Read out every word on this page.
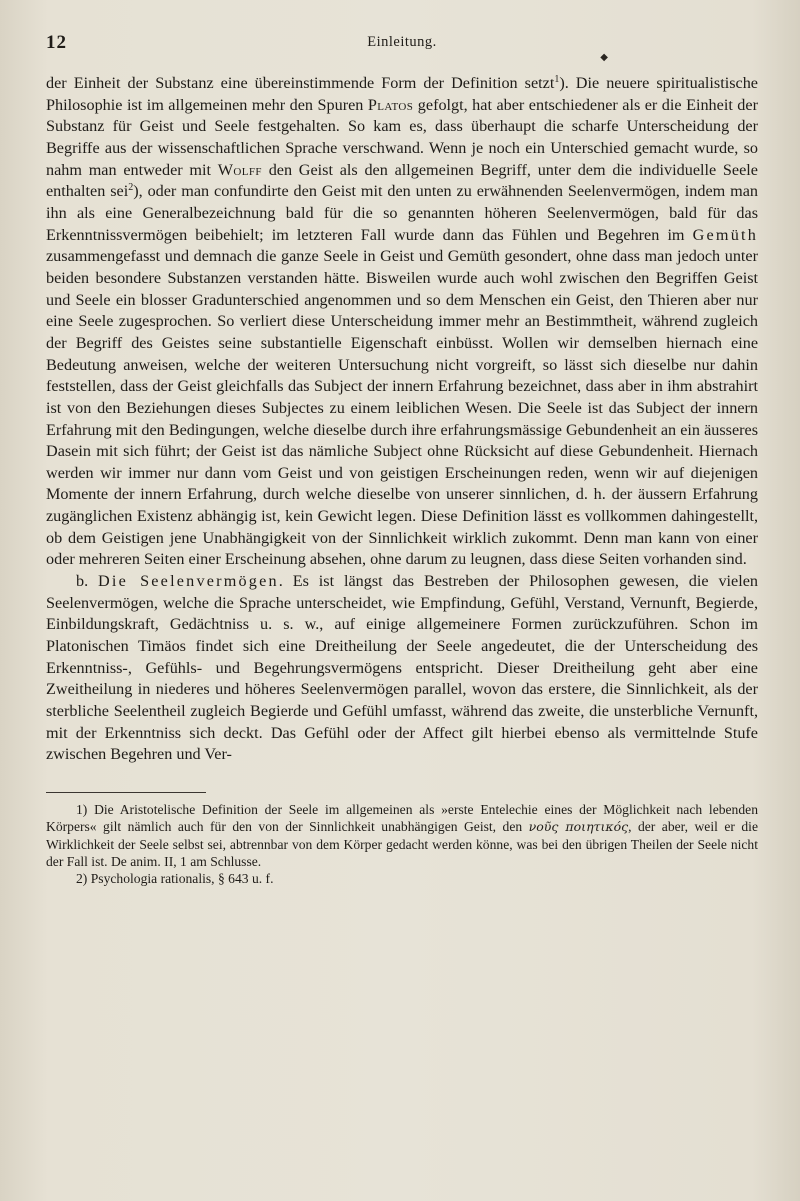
12	Einleitung.
◆

der Einheit der Substanz eine übereinstimmende Form der Definition setzt$^1$). Die neuere spiritualistische Philosophie ist im allgemeinen mehr den Spuren Platos gefolgt, hat aber entschiedener als er die Einheit der Substanz für Geist und Seele festgehalten. So kam es, dass überhaupt die scharfe Unterscheidung der Begriffe aus der wissenschaftlichen Sprache verschwand. Wenn je noch ein Unterschied gemacht wurde, so nahm man entweder mit Wolff den Geist als den allgemeinen Begriff, unter dem die individuelle Seele enthalten sei$^2$), oder man confundirte den Geist mit den unten zu erwähnenden Seelenvermögen, indem man ihn als eine Generalbezeichnung bald für die so genannten höheren Seelenvermögen, bald für das Erkenntnissvermögen beibehielt; im letzteren Fall wurde dann das Fühlen und Begehren im Gemüth zusammengefasst und demnach die ganze Seele in Geist und Gemüth gesondert, ohne dass man jedoch unter beiden besondere Substanzen verstanden hätte. Bisweilen wurde auch wohl zwischen den Begriffen Geist und Seele ein blosser Gradunterschied angenommen und so dem Menschen ein Geist, den Thieren aber nur eine Seele zugesprochen. So verliert diese Unterscheidung immer mehr an Bestimmtheit, während zugleich der Begriff des Geistes seine substantielle Eigenschaft einbüsst. Wollen wir demselben hiernach eine Bedeutung anweisen, welche der weiteren Untersuchung nicht vorgreift, so lässt sich dieselbe nur dahin feststellen, dass der Geist gleichfalls das Subject der innern Erfahrung bezeichnet, dass aber in ihm abstrahirt ist von den Beziehungen dieses Subjectes zu einem leiblichen Wesen. Die Seele ist das Subject der innern Erfahrung mit den Bedingungen, welche dieselbe durch ihre erfahrungsmässige Gebundenheit an ein äusseres Dasein mit sich führt; der Geist ist das nämliche Subject ohne Rücksicht auf diese Gebundenheit. Hiernach werden wir immer nur dann vom Geist und von geistigen Erscheinungen reden, wenn wir auf diejenigen Momente der innern Erfahrung, durch welche dieselbe von unserer sinnlichen, d. h. der äussern Erfahrung zugänglichen Existenz abhängig ist, kein Gewicht legen. Diese Definition lässt es vollkommen dahingestellt, ob dem Geistigen jene Unabhängigkeit von der Sinnlichkeit wirklich zukommt. Denn man kann von einer oder mehreren Seiten einer Erscheinung absehen, ohne darum zu leugnen, dass diese Seiten vorhanden sind.

b. Die Seelenvermögen. Es ist längst das Bestreben der Philosophen gewesen, die vielen Seelenvermögen, welche die Sprache unterscheidet, wie Empfindung, Gefühl, Verstand, Vernunft, Begierde, Einbildungskraft, Gedächtniss u. s. w., auf einige allgemeinere Formen zurückzuführen. Schon im Platonischen Timäos findet sich eine Dreitheilung der Seele angedeutet, die der Unterscheidung des Erkenntniss-, Gefühls- und Begehrungsvermögens entspricht. Dieser Dreitheilung geht aber eine Zweitheilung in niederes und höheres Seelenvermögen parallel, wovon das erstere, die Sinnlichkeit, als der sterbliche Seelentheil zugleich Begierde und Gefühl umfasst, während das zweite, die unsterbliche Vernunft, mit der Erkenntniss sich deckt. Das Gefühl oder der Affect gilt hierbei ebenso als vermittelnde Stufe zwischen Begehren und Ver-

1) Die Aristotelische Definition der Seele im allgemeinen als »erste Entelechie eines der Möglichkeit nach lebenden Körpers« gilt nämlich auch für den von der Sinnlichkeit unabhängigen Geist, den νοῦς ποιητικός, der aber, weil er die Wirklichkeit der Seele selbst sei, abtrennbar von dem Körper gedacht werden könne, was bei den übrigen Theilen der Seele nicht der Fall ist. De anim. II, 1 am Schlusse.

2) Psychologia rationalis, § 643 u. f.
